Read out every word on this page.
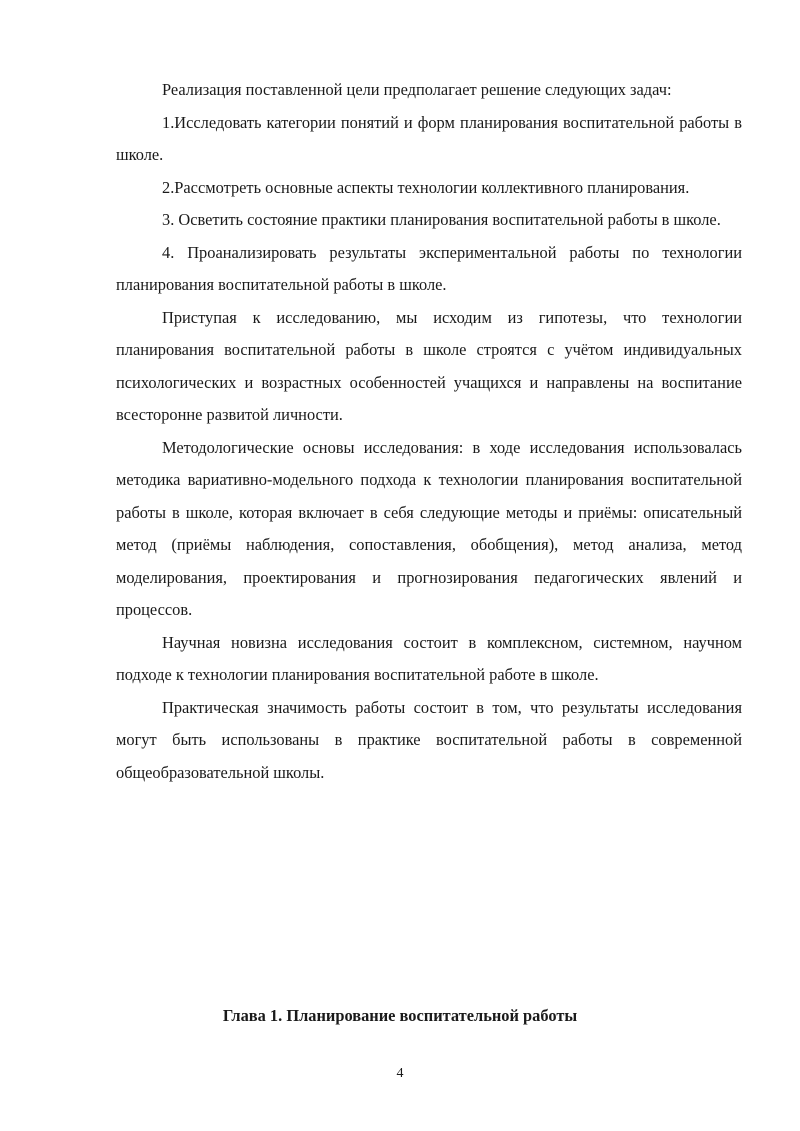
Реализация поставленной цели предполагает решение следующих задач:

1.Исследовать категории понятий и форм планирования воспитательной работы в школе.

2.Рассмотреть основные аспекты технологии коллективного планирования.

3. Осветить состояние практики планирования воспитательной работы в школе.

4. Проанализировать результаты экспериментальной работы по технологии планирования воспитательной работы в школе.

Приступая к исследованию, мы исходим из гипотезы, что технологии планирования воспитательной работы в школе строятся с учётом индивидуальных психологических и возрастных особенностей учащихся и направлены на воспитание всесторонне развитой личности.

Методологические основы исследования: в ходе исследования использовалась методика вариативно-модельного подхода к технологии планирования воспитательной работы в школе, которая включает в себя следующие методы и приёмы: описательный метод (приёмы наблюдения, сопоставления, обобщения), метод анализа, метод моделирования, проектирования и прогнозирования педагогических явлений и процессов.

Научная новизна исследования состоит в комплексном, системном, научном подходе к технологии планирования воспитательной работе в школе.

Практическая значимость работы состоит в том, что результаты исследования могут быть использованы в практике воспитательной работы в современной общеобразовательной школы.

Глава 1. Планирование воспитательной работы
4
